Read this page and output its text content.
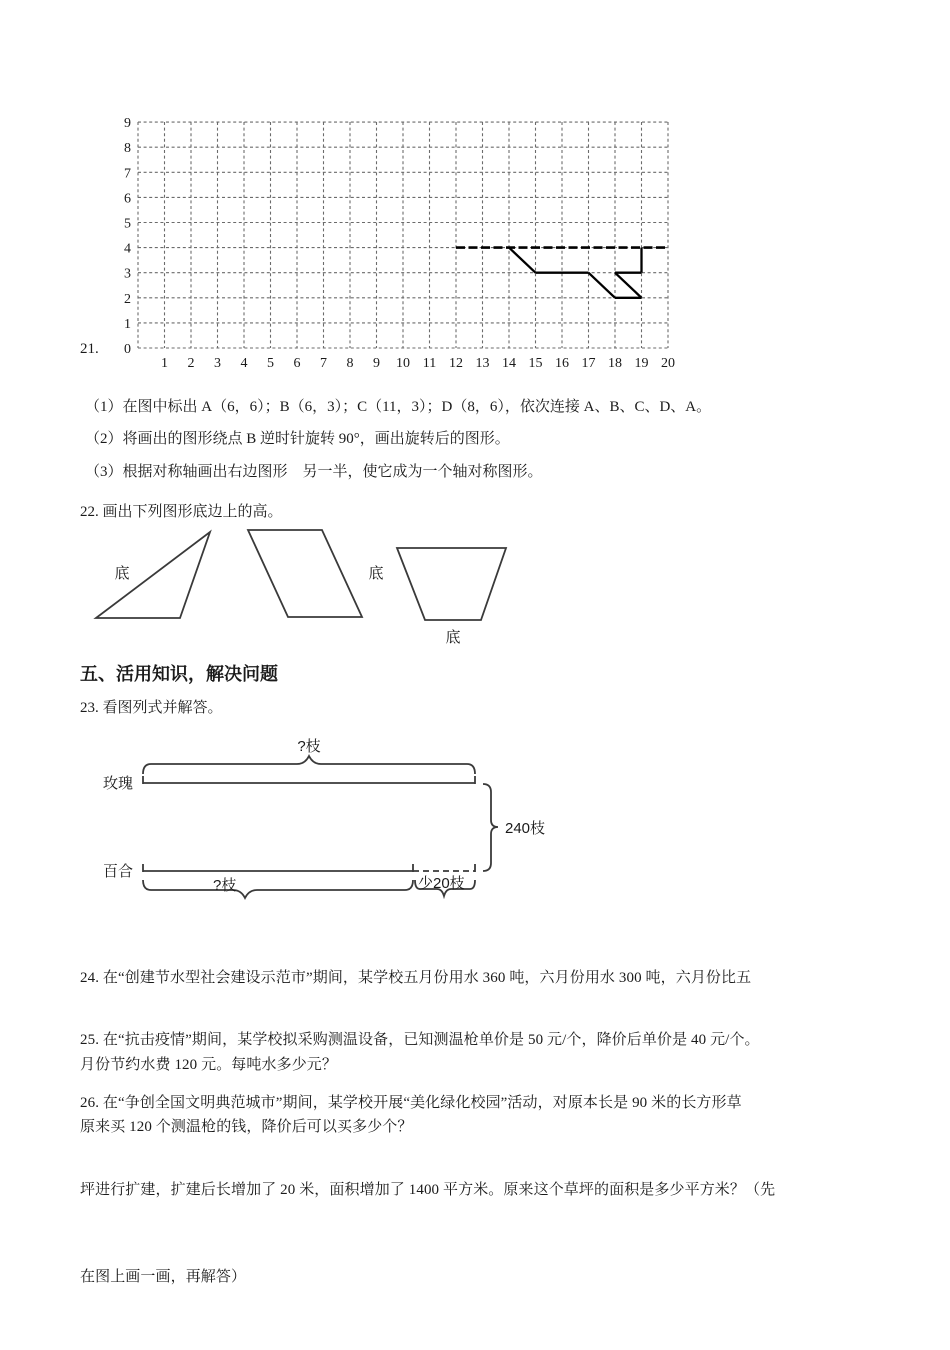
21. 0
1
2
3
4
5
6
7
8
9
1 2 3 4 5 6 7 8 9 10 11 12 13 14 15 16 17 18 19 20
（1）在图中标出 A（6，6）；B（6，3）；C（11，3）；D（8，6），依次连接 A、B、C、D、A。
（2）将画出的图形绕点 B 逆时针旋转 90°，画出旋转后的图形。
（3）根据对称轴画出右边图形　另一半，使它成为一个轴对称图形。
22. 画出下列图形底边上的高。
底	底
底
五、活用知识，解决问题
23. 看图列式并解答。
玫瑰
百合
?枝
?枝	少20枝
240枝
?枝	少20枝

24. 在“创建节水型社会建设示范市”期间，某学校五月份用水 360 吨，六月份用水 300 吨，六月份比五

月份节约水费 120 元。每吨水多少元？

25. 在“抗击疫情”期间，某学校拟采购测温设备，已知测温枪单价是 50 元/个，降价后单价是 40 元/个。

原来买 120 个测温枪的钱，降价后可以买多少个？

26. 在“争创全国文明典范城市”期间，某学校开展“美化绿化校园”活动，对原本长是 90 米的长方形草

坪进行扩建，扩建后长增加了 20 米，面积增加了 1400 平方米。原来这个草坪的面积是多少平方米？（先

在图上画一画，再解答）
